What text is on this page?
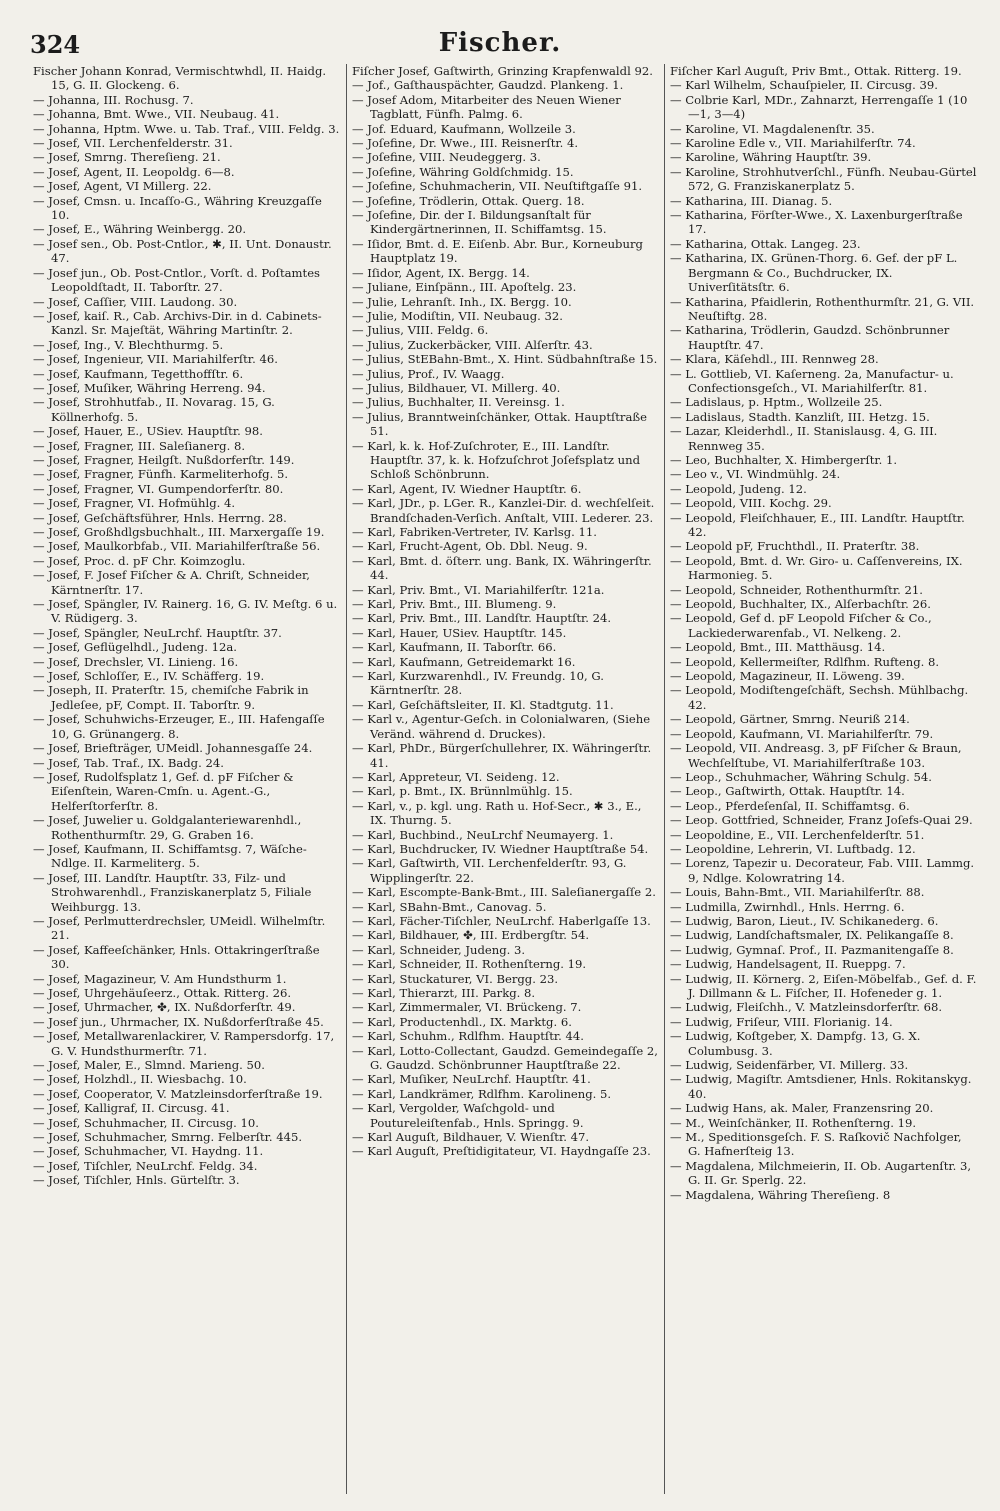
324	Fischer.

Fischer Johann Konrad, Vermischtwhdl, II. Haidg. 15, G. II. Glockeng. 6.

— Johanna, III. Rochusg. 7.

— Johanna, Bmt. Wwe., VII. Neubaug. 41.

— Johanna, Hptm. Wwe. u. Tab. Traf., VIII. Feldg. 3.

— Josef, VII. Lerchenfelderstr. 31.

— Josef, Smrng. Thereſieng. 21.

— Josef, Agent, II. Leopoldg. 6—8.

— Josef, Agent, VI Millerg. 22.

— Josef, Cmsn. u. Incaſſo-G., Währing Kreuzgaſſe 10.

— Josef, E., Währing Weinbergg. 20.

— Josef sen., Ob. Post-Cntlor., ✱, II. Unt. Donaustr. 47.

— Josef jun., Ob. Post-Cntlor., Vorſt. d. Poſtamtes Leopoldſtadt, II. Taborſtr. 27.

— Josef, Caſſier, VIII. Laudong. 30.

— Josef, kaiſ. R., Cab. Archivs-Dir. in d. Cabinets-Kanzl. Sr. Majeſtät, Währing Martinſtr. 2.

— Josef, Ing., V. Blechthurmg. 5.

— Josef, Ingenieur, VII. Mariahilferſtr. 46.

— Josef, Kaufmann, Tegetthoffſtr. 6.

— Josef, Muſiker, Währing Herreng. 94.

— Josef, Strohhutfab., II. Novarag. 15, G. Köllnerhofg. 5.

— Josef, Hauer, E., USiev. Hauptſtr. 98.

— Josef, Fragner, III. Saleſianerg. 8.

— Josef, Fragner, Heilgſt. Nußdorferſtr. 149.

— Josef, Fragner, Fünfh. Karmeliterhofg. 5.

— Josef, Fragner, VI. Gumpendorferſtr. 80.

— Josef, Fragner, VI. Hofmühlg. 4.

— Josef, Geſchäftsführer, Hnls. Herrng. 28.

— Josef, Großhdlgsbuchhalt., III. Marxergaſſe 19.

— Josef, Maulkorbfab., VII. Mariahilferſtraße 56.

— Josef, Proc. d. pF Chr. Koimzoglu.

— Josef, F. Josef Fiſcher & A. Chriſt, Schneider, Kärntnerſtr. 17.

— Josef, Spängler, IV. Rainerg. 16, G. IV. Meſtg. 6 u. V. Rüdigerg. 3.

— Josef, Spängler, NeuLrchf. Hauptſtr. 37.

— Josef, Geflügelhdl., Judeng. 12a.

— Josef, Drechsler, VI. Linieng. 16.

— Josef, Schloſſer, E., IV. Schäfferg. 19.

— Joseph, II. Praterſtr. 15, chemiſche Fabrik in Jedleſee, pF, Compt. II. Taborſtr. 9.

— Josef, Schuhwichs-Erzeuger, E., III. Hafengaſſe 10, G. Grünangerg. 8.

— Josef, Briefträger, UMeidl. Johannesgaſſe 24.

— Josef, Tab. Traf., IX. Badg. 24.

— Josef, Rudolfsplatz 1, Gef. d. pF Fiſcher & Eiſenſtein, Waren-Cmſn. u. Agent.-G., Helferſtorferſtr. 8.

— Josef, Juwelier u. Goldgalanteriewarenhdl., Rothenthurmſtr. 29, G. Graben 16.

— Josef, Kaufmann, II. Schiffamtsg. 7, Wäſche-Ndlge. II. Karmeliterg. 5.

— Josef, III. Landſtr. Hauptſtr. 33, Filz- und Strohwarenhdl., Franziskanerplatz 5, Filiale Weihburgg. 13.

— Josef, Perlmutterdrechsler, UMeidl. Wilhelmſtr. 21.

— Josef, Kaffeeſchänker, Hnls. Ottakringerſtraße 30.

— Josef, Magazineur, V. Am Hundsthurm 1.

— Josef, Uhrgehäuſeerz., Ottak. Ritterg. 26.

— Josef, Uhrmacher, ✤, IX. Nußdorferſtr. 49.

— Josef jun., Uhrmacher, IX. Nußdorferſtraße 45.

— Josef, Metallwarenlackirer, V. Rampersdorfg. 17, G. V. Hundsthurmerſtr. 71.

— Josef, Maler, E., Slmnd. Marieng. 50.

— Josef, Holzhdl., II. Wiesbachg. 10.

— Josef, Cooperator, V. Matzleinsdorferſtraße 19.

— Josef, Kalligraf, II. Circusg. 41.

— Josef, Schuhmacher, II. Circusg. 10.

— Josef, Schuhmacher, Smrng. Felberſtr. 445.

— Josef, Schuhmacher, VI. Haydng. 11.

— Josef, Tiſchler, NeuLrchf. Feldg. 34.

— Josef, Tiſchler, Hnls. Gürtelſtr. 3.

Fiſcher Josef, Gaſtwirth, Grinzing Krapfenwaldl 92.

— Jof., Gaſthauspächter, Gaudzd. Plankeng. 1.

— Josef Adom, Mitarbeiter des Neuen Wiener Tagblatt, Fünfh. Palmg. 6.

— Jof. Eduard, Kaufmann, Wollzeile 3.

— Joſefine, Dr. Wwe., III. Reisnerſtr. 4.

— Joſefine, VIII. Neudeggerg. 3.

— Joſefine, Währing Goldſchmidg. 15.

— Joſefine, Schuhmacherin, VII. Neuſtiftgaſſe 91.

— Joſefine, Trödlerin, Ottak. Querg. 18.

— Joſefine, Dir. der I. Bildungsanſtalt für Kindergärtnerinnen, II. Schiffamtsg. 15.

— Iſidor, Bmt. d. E. Eiſenb. Abr. Bur., Korneuburg Hauptplatz 19.

— Iſidor, Agent, IX. Bergg. 14.

— Juliane, Einſpänn., III. Apoſtelg. 23.

— Julie, Lehranſt. Inh., IX. Bergg. 10.

— Julie, Modiſtin, VII. Neubaug. 32.

— Julius, VIII. Feldg. 6.

— Julius, Zuckerbäcker, VIII. Alſerſtr. 43.

— Julius, StEBahn-Bmt., X. Hint. Südbahnſtraße 15.

— Julius, Prof., IV. Waagg.

— Julius, Bildhauer, VI. Millerg. 40.

— Julius, Buchhalter, II. Vereinsg. 1.

— Julius, Branntweinſchänker, Ottak. Hauptſtraße 51.

— Karl, k. k. Hof-Zuſchroter, E., III. Landſtr. Hauptſtr. 37, k. k. Hofzuſchrot Joſefsplatz und Schloß Schönbrunn.

— Karl, Agent, IV. Wiedner Hauptſtr. 6.

— Karl, JDr., p. LGer. R., Kanzlei-Dir. d. wechſelſeit. Brandſchaden-Verſich. Anſtalt, VIII. Lederer. 23.

— Karl, Fabriken-Vertreter, IV. Karlsg. 11.

— Karl, Frucht-Agent, Ob. Dbl. Neug. 9.

— Karl, Bmt. d. öſterr. ung. Bank, IX. Währingerſtr. 44.

— Karl, Priv. Bmt., VI. Mariahilferſtr. 121a.

— Karl, Priv. Bmt., III. Blumeng. 9.

— Karl, Priv. Bmt., III. Landſtr. Hauptſtr. 24.

— Karl, Hauer, USiev. Hauptſtr. 145.

— Karl, Kaufmann, II. Taborſtr. 66.

— Karl, Kaufmann, Getreidemarkt 16.

— Karl, Kurzwarenhdl., IV. Freundg. 10, G. Kärntnerſtr. 28.

— Karl, Geſchäftsleiter, II. Kl. Stadtgutg. 11.

— Karl v., Agentur-Geſch. in Colonialwaren, (Siehe Veränd. während d. Druckes).

— Karl, PhDr., Bürgerſchullehrer, IX. Währingerſtr. 41.

— Karl, Appreteur, VI. Seideng. 12.

— Karl, p. Bmt., IX. Brünnlmühlg. 15.

— Karl, v., p. kgl. ung. Rath u. Hof-Secr., ✱ 3., E., IX. Thurng. 5.

— Karl, Buchbind., NeuLrchf Neumayerg. 1.

— Karl, Buchdrucker, IV. Wiedner Hauptſtraße 54.

— Karl, Gaſtwirth, VII. Lerchenfelderſtr. 93, G. Wipplingerſtr. 22.

— Karl, Escompte-Bank-Bmt., III. Saleſianergaſſe 2.

— Karl, SBahn-Bmt., Canovag. 5.

— Karl, Fächer-Tiſchler, NeuLrchf. Haberlgaſſe 13.

— Karl, Bildhauer, ✤, III. Erdbergſtr. 54.

— Karl, Schneider, Judeng. 3.

— Karl, Schneider, II. Rothenſterng. 19.

— Karl, Stuckaturer, VI. Bergg. 23.

— Karl, Thierarzt, III. Parkg. 8.

— Karl, Zimmermaler, VI. Brückeng. 7.

— Karl, Productenhdl., IX. Marktg. 6.

— Karl, Schuhm., Rdlfhm. Hauptſtr. 44.

— Karl, Lotto-Collectant, Gaudzd. Gemeindegaſſe 2, G. Gaudzd. Schönbrunner Hauptſtraße 22.

— Karl, Muſiker, NeuLrchf. Hauptſtr. 41.

— Karl, Landkrämer, Rdlfhm. Karolineng. 5.

— Karl, Vergolder, Waſchgold- und Poutureleiſtenfab., Hnls. Springg. 9.

— Karl Auguſt, Bildhauer, V. Wienſtr. 47.

— Karl Auguſt, Preſtidigitateur, VI. Haydngaſſe 23.

Fiſcher Karl Auguſt, Priv Bmt., Ottak. Ritterg. 19.

— Karl Wilhelm, Schauſpieler, II. Circusg. 39.

— Colbrie Karl, MDr., Zahnarzt, Herrengaſſe 1 (10—1, 3—4)

— Karoline, VI. Magdalenenſtr. 35.

— Karoline Edle v., VII. Mariahilferſtr. 74.

— Karoline, Währing Hauptſtr. 39.

— Karoline, Strohhutverſchl., Fünfh. Neubau-Gürtel 572, G. Franziskanerplatz 5.

— Katharina, III. Dianag. 5.

— Katharina, Förſter-Wwe., X. Laxenburgerſtraße 17.

— Katharina, Ottak. Langeg. 23.

— Katharina, IX. Grünen-Thorg. 6. Gef. der pF L. Bergmann & Co., Buchdrucker, IX. Univerſitätsſtr. 6.

— Katharina, Pfaidlerin, Rothenthurmſtr. 21, G. VII. Neuſtiftg. 28.

— Katharina, Trödlerin, Gaudzd. Schönbrunner Hauptſtr. 47.

— Klara, Käſehdl., III. Rennweg 28.

— L. Gottlieb, VI. Kaſerneng. 2a, Manufactur- u. Confectionsgeſch., VI. Mariahilferſtr. 81.

— Ladislaus, p. Hptm., Wollzeile 25.

— Ladislaus, Stadth. Kanzliſt, III. Hetzg. 15.

— Lazar, Kleiderhdl., II. Stanislausg. 4, G. III. Rennweg 35.

— Leo, Buchhalter, X. Himbergerſtr. 1.

— Leo v., VI. Windmühlg. 24.

— Leopold, Judeng. 12.

— Leopold, VIII. Kochg. 29.

— Leopold, Fleiſchhauer, E., III. Landſtr. Hauptſtr. 42.

— Leopold pF, Fruchthdl., II. Praterſtr. 38.

— Leopold, Bmt. d. Wr. Giro- u. Caſſenvereins, IX. Harmonieg. 5.

— Leopold, Schneider, Rothenthurmſtr. 21.

— Leopold, Buchhalter, IX., Alſerbachſtr. 26.

— Leopold, Gef d. pF Leopold Fiſcher & Co., Lackiederwarenfab., VI. Nelkeng. 2.

— Leopold, Bmt., III. Matthäusg. 14.

— Leopold, Kellermeiſter, Rdlfhm. Rufteng. 8.

— Leopold, Magazineur, II. Löweng. 39.

— Leopold, Modiſtengeſchäft, Sechsh. Mühlbachg. 42.

— Leopold, Gärtner, Smrng. Neuriß 214.

— Leopold, Kaufmann, VI. Mariahilferſtr. 79.

— Leopold, VII. Andreasg. 3, pF Fiſcher & Braun, Wechſelſtube, VI. Mariahilferſtraße 103.

— Leop., Schuhmacher, Währing Schulg. 54.

— Leop., Gaſtwirth, Ottak. Hauptſtr. 14.

— Leop., Pferdeſenſal, II. Schiffamtsg. 6.

— Leop. Gottfried, Schneider, Franz Joſefs-Quai 29.

— Leopoldine, E., VII. Lerchenfelderſtr. 51.

— Leopoldine, Lehrerin, VI. Luftbadg. 12.

— Lorenz, Tapezir u. Decorateur, Fab. VIII. Lammg. 9, Ndlge. Kolowratring 14.

— Louis, Bahn-Bmt., VII. Mariahilferſtr. 88.

— Ludmilla, Zwirnhdl., Hnls. Herrng. 6.

— Ludwig, Baron, Lieut., IV. Schikanederg. 6.

— Ludwig, Landſchaftsmaler, IX. Pelikangaſſe 8.

— Ludwig, Gymnaſ. Prof., II. Pazmanitengaſſe 8.

— Ludwig, Handelsagent, II. Rueppg. 7.

— Ludwig, II. Körnerg. 2, Eiſen-Möbelfab., Gef. d. F. J. Dillmann & L. Fiſcher, II. Hofeneder g. 1.

— Ludwig, Fleiſchh., V. Matzleinsdorferſtr. 68.

— Ludwig, Friſeur, VIII. Florianig. 14.

— Ludwig, Koſtgeber, X. Dampfg. 13, G. X. Columbusg. 3.

— Ludwig, Seidenfärber, VI. Millerg. 33.

— Ludwig, Magiſtr. Amtsdiener, Hnls. Rokitanskyg. 40.

— Ludwig Hans, ak. Maler, Franzensring 20.

— M., Weinſchänker, II. Rothenſterng. 19.

— M., Speditionsgeſch. F. S. Raſkovič Nachfolger, G. Hafnerſteig 13.

— Magdalena, Milchmeierin, II. Ob. Augartenſtr. 3, G. II. Gr. Sperlg. 22.

— Magdalena, Währing Thereſieng. 8
